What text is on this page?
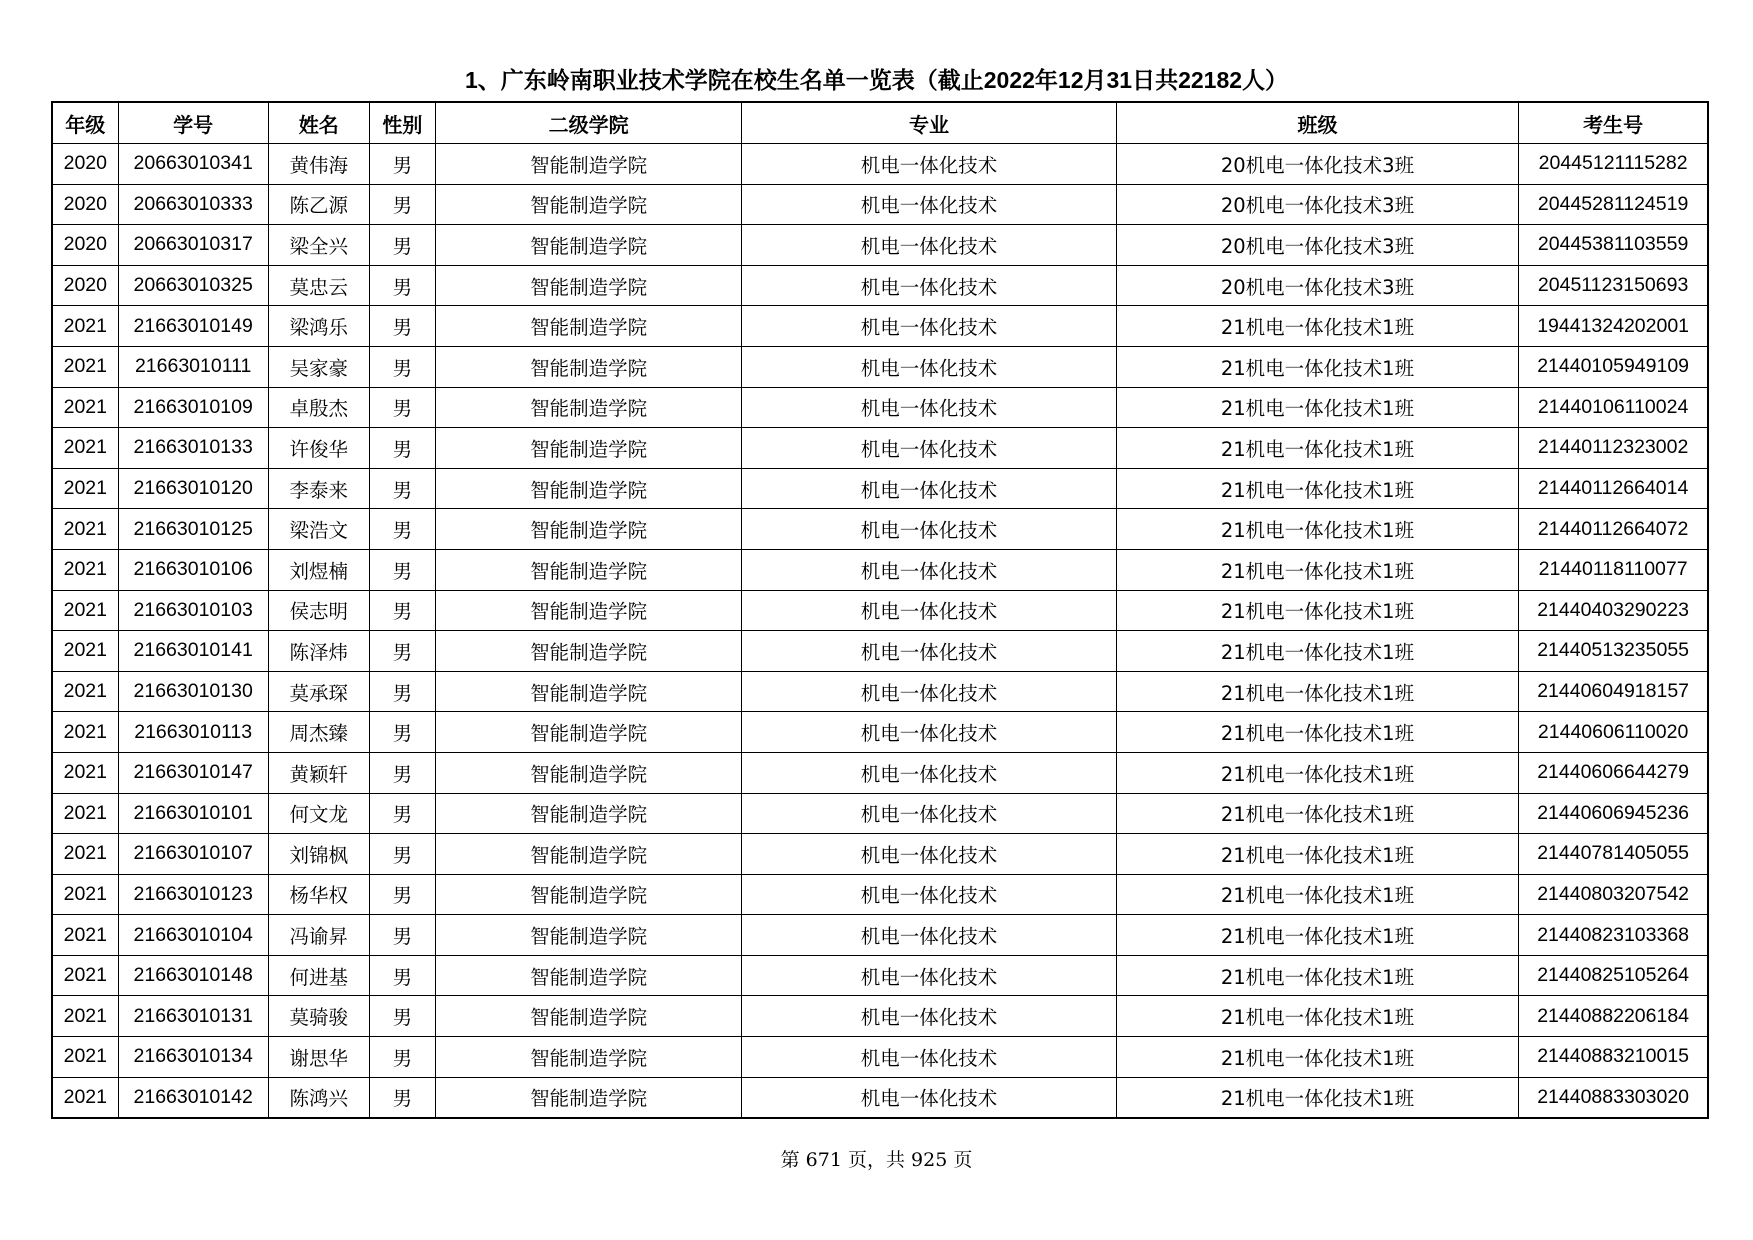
1、广东岭南职业技术学院在校生名单一览表（截止2022年12月31日共22182人）
年级	学号	姓名	性别	二级学院	专业	班级	考生号
2020	20663010341	黄伟海	男	智能制造学院	机电一体化技术	20机电一体化技术3班	20445121115282
2020	20663010333	陈乙源	男	智能制造学院	机电一体化技术	20机电一体化技术3班	20445281124519
2020	20663010317	梁全兴	男	智能制造学院	机电一体化技术	20机电一体化技术3班	20445381103559
2020	20663010325	莫忠云	男	智能制造学院	机电一体化技术	20机电一体化技术3班	20451123150693
2021	21663010149	梁鸿乐	男	智能制造学院	机电一体化技术	21机电一体化技术1班	19441324202001
2021	21663010111	吴家豪	男	智能制造学院	机电一体化技术	21机电一体化技术1班	21440105949109
2021	21663010109	卓殷杰	男	智能制造学院	机电一体化技术	21机电一体化技术1班	21440106110024
2021	21663010133	许俊华	男	智能制造学院	机电一体化技术	21机电一体化技术1班	21440112323002
2021	21663010120	李泰来	男	智能制造学院	机电一体化技术	21机电一体化技术1班	21440112664014
2021	21663010125	梁浩文	男	智能制造学院	机电一体化技术	21机电一体化技术1班	21440112664072
2021	21663010106	刘煜楠	男	智能制造学院	机电一体化技术	21机电一体化技术1班	21440118110077
2021	21663010103	侯志明	男	智能制造学院	机电一体化技术	21机电一体化技术1班	21440403290223
2021	21663010141	陈泽炜	男	智能制造学院	机电一体化技术	21机电一体化技术1班	21440513235055
2021	21663010130	莫承琛	男	智能制造学院	机电一体化技术	21机电一体化技术1班	21440604918157
2021	21663010113	周杰臻	男	智能制造学院	机电一体化技术	21机电一体化技术1班	21440606110020
2021	21663010147	黄颖轩	男	智能制造学院	机电一体化技术	21机电一体化技术1班	21440606644279
2021	21663010101	何文龙	男	智能制造学院	机电一体化技术	21机电一体化技术1班	21440606945236
2021	21663010107	刘锦枫	男	智能制造学院	机电一体化技术	21机电一体化技术1班	21440781405055
2021	21663010123	杨华权	男	智能制造学院	机电一体化技术	21机电一体化技术1班	21440803207542
2021	21663010104	冯谕昇	男	智能制造学院	机电一体化技术	21机电一体化技术1班	21440823103368
2021	21663010148	何进基	男	智能制造学院	机电一体化技术	21机电一体化技术1班	21440825105264
2021	21663010131	莫骑骏	男	智能制造学院	机电一体化技术	21机电一体化技术1班	21440882206184
2021	21663010134	谢思华	男	智能制造学院	机电一体化技术	21机电一体化技术1班	21440883210015
2021	21663010142	陈鸿兴	男	智能制造学院	机电一体化技术	21机电一体化技术1班	21440883303020
第 671 页，共 925 页
